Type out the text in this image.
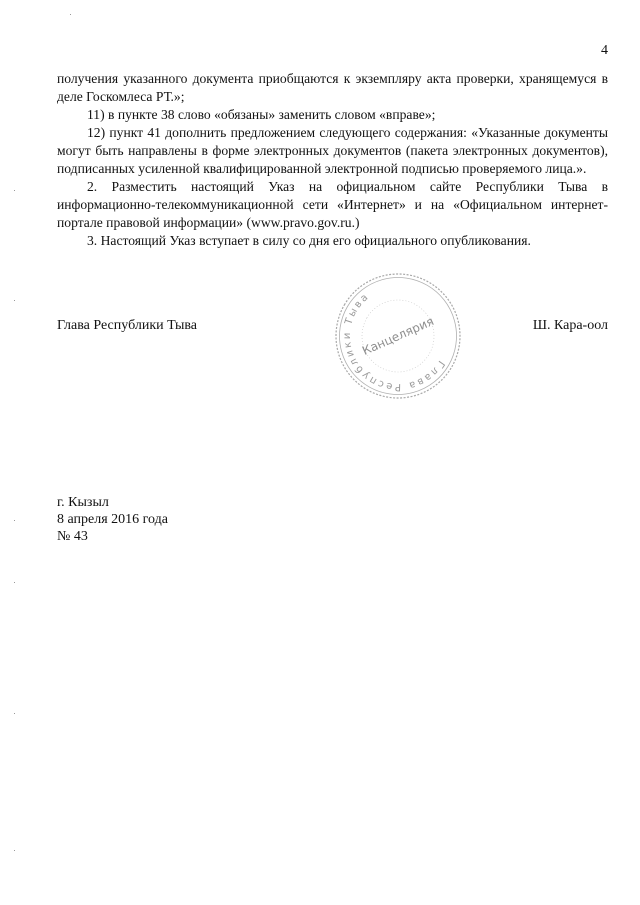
4

получения указанного документа приобщаются к экземпляру акта проверки, хранящемуся в деле Госкомлеса РТ.»;

11) в пункте 38 слово «обязаны» заменить словом «вправе»;

12) пункт 41 дополнить предложением следующего содержания: «Указанные документы могут быть направлены в форме электронных документов (пакета электронных документов), подписанных усиленной квалифицированной электронной подписью проверяемого лица.».

2. Разместить настоящий Указ на официальном сайте Республики Тыва в информационно-телекоммуникационной сети «Интернет» и на «Официальном интернет-портале правовой информации» (www.pravo.gov.ru.)

3. Настоящий Указ вступает в силу со дня его официального опубликования.

Глава Республики Тыва	Ш. Кара-оол
Глава Республики Тыва
Канцелярия
г. Кызыл
8 апреля 2016 года
№ 43
